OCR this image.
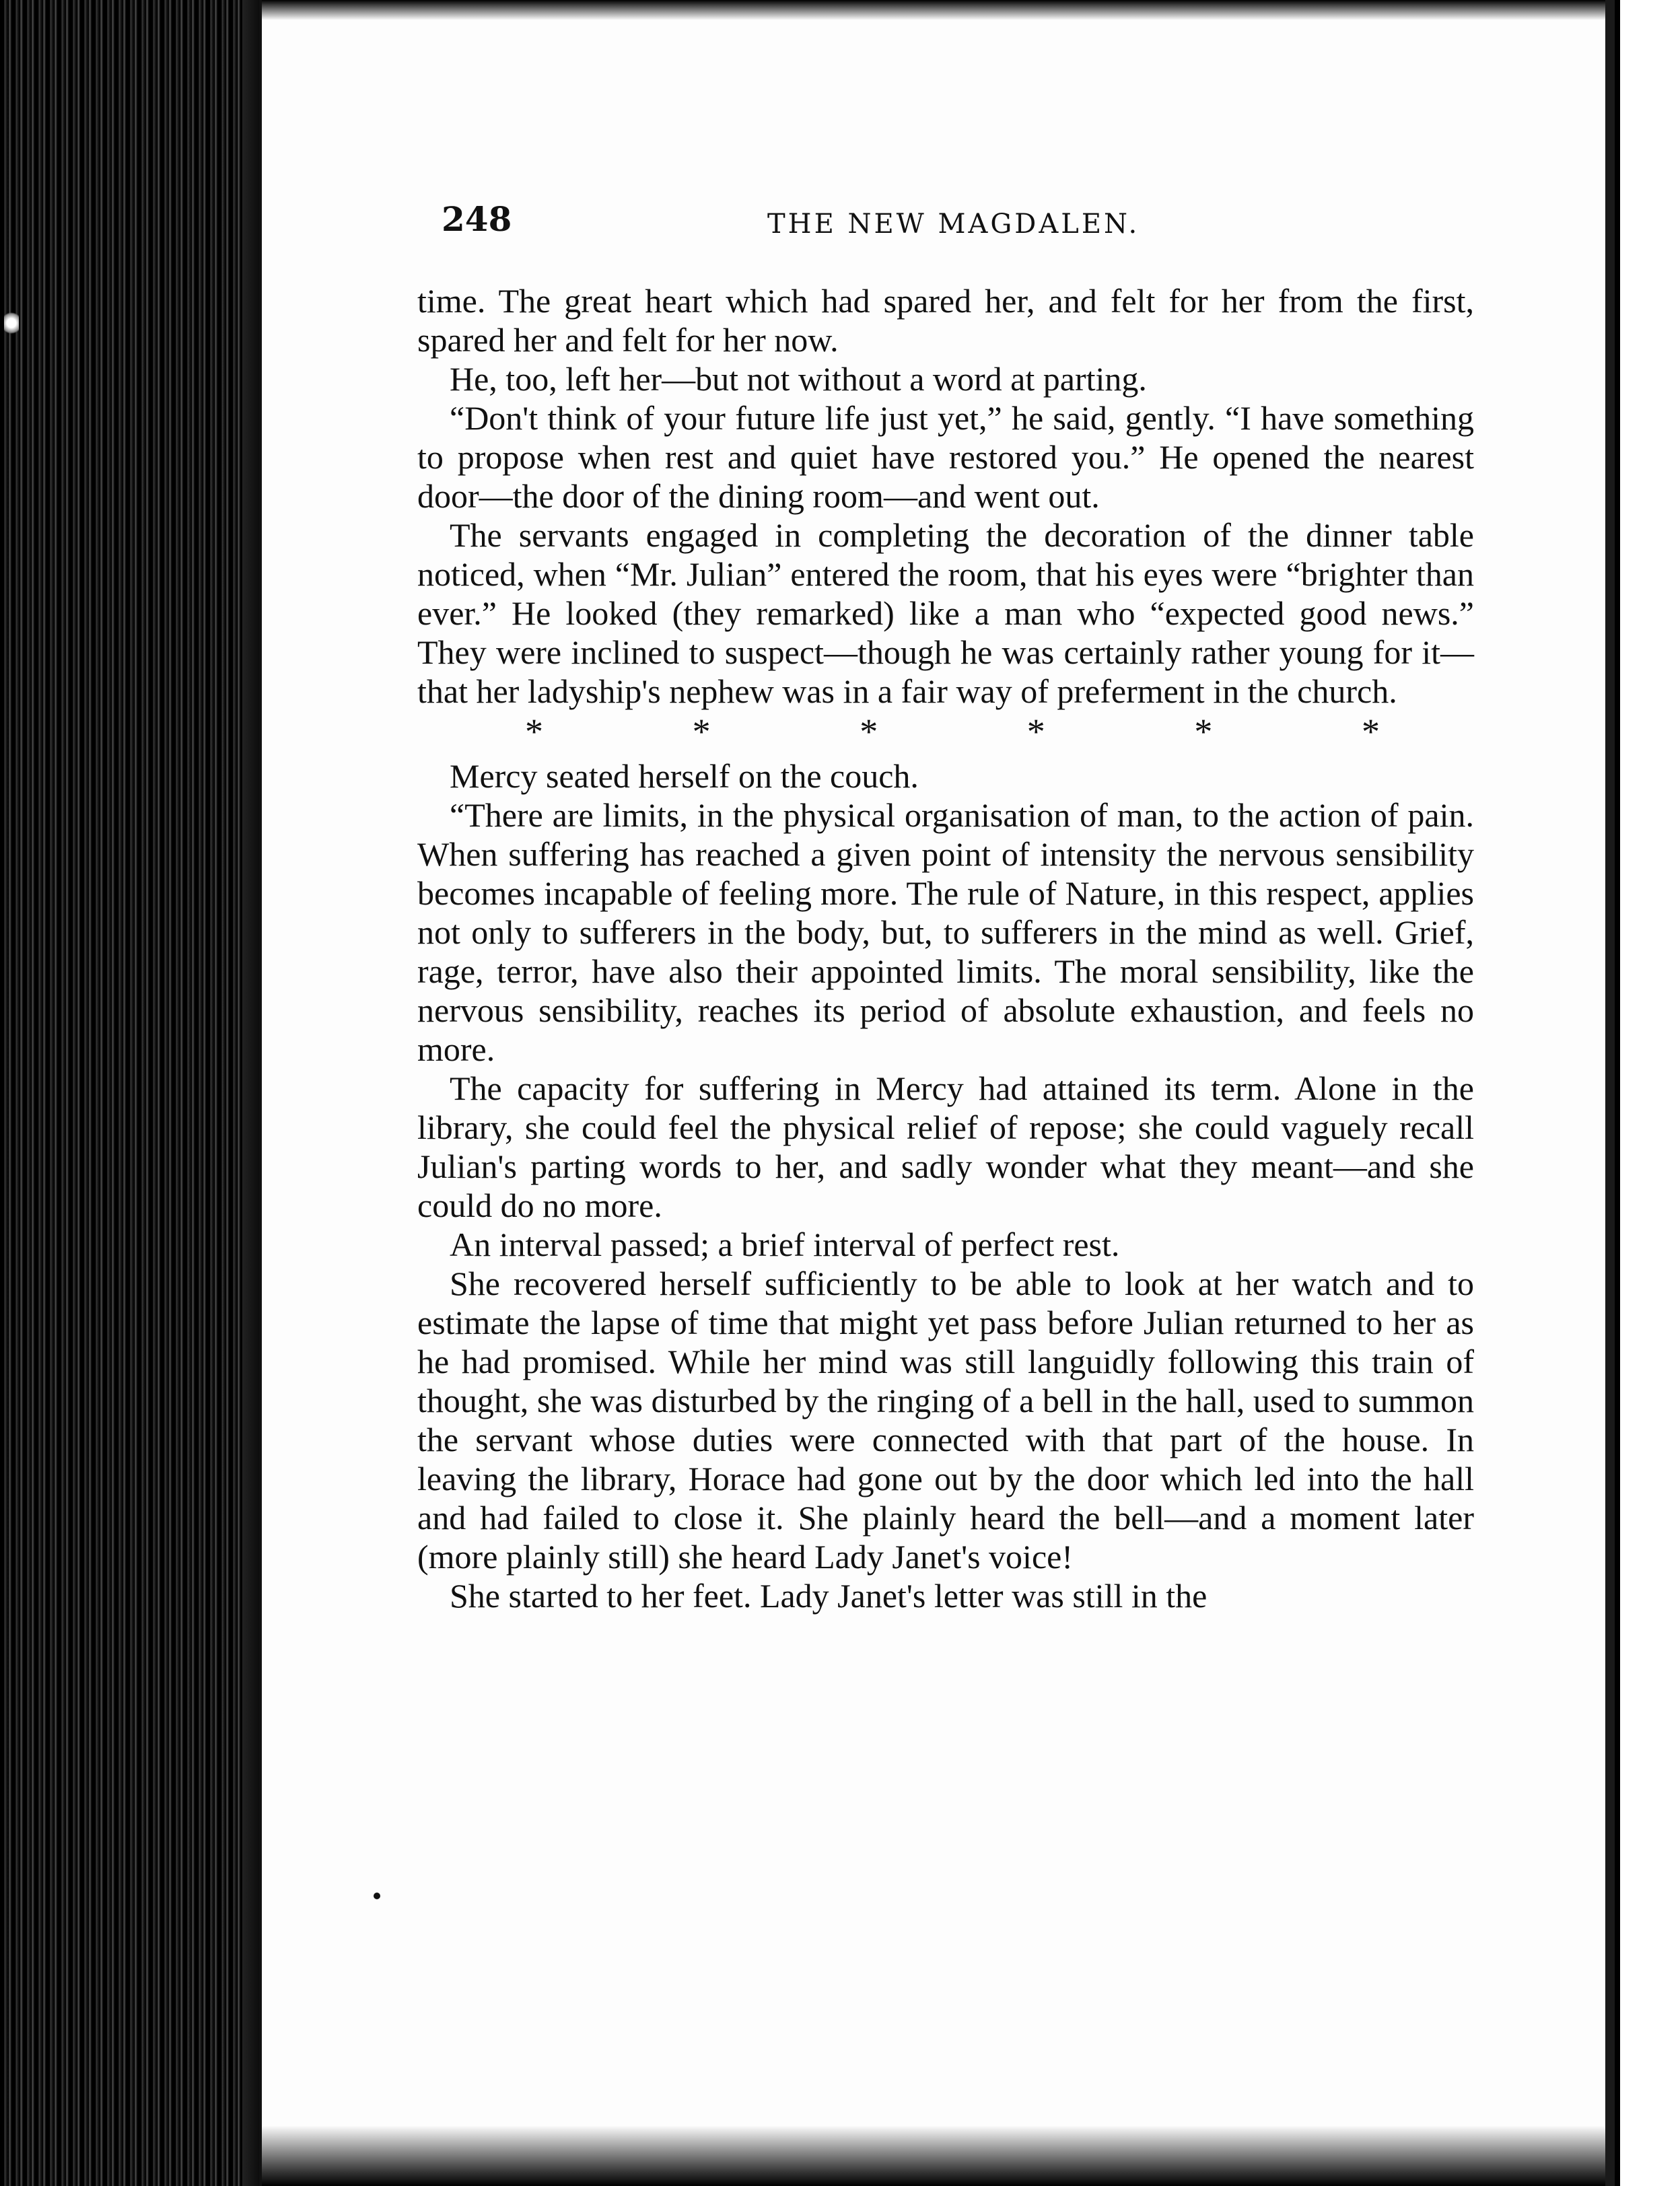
248	THE NEW MAGDALEN.

time. The great heart which had spared her, and felt for her from the first, spared her and felt for her now.

He, too, left her—but not without a word at parting.

“Don't think of your future life just yet,” he said, gently. “I have something to propose when rest and quiet have restored you.” He opened the nearest door—the door of the dining room—and went out.

The servants engaged in completing the decoration of the dinner table noticed, when “Mr. Julian” entered the room, that his eyes were “brighter than ever.” He looked (they remarked) like a man who “expected good news.” They were inclined to suspect—though he was certainly rather young for it—that her ladyship's nephew was in a fair way of preferment in the church.

*	*	*	*	*	*

Mercy seated herself on the couch.

“There are limits, in the physical organisation of man, to the action of pain. When suffering has reached a given point of intensity the nervous sensibility becomes incapable of feeling more. The rule of Nature, in this respect, applies not only to sufferers in the body, but, to sufferers in the mind as well. Grief, rage, terror, have also their appointed limits. The moral sensibility, like the nervous sensibility, reaches its period of absolute exhaustion, and feels no more.

The capacity for suffering in Mercy had attained its term. Alone in the library, she could feel the physical relief of repose; she could vaguely recall Julian's parting words to her, and sadly wonder what they meant—and she could do no more.

An interval passed; a brief interval of perfect rest.

She recovered herself sufficiently to be able to look at her watch and to estimate the lapse of time that might yet pass before Julian returned to her as he had promised. While her mind was still languidly following this train of thought, she was disturbed by the ringing of a bell in the hall, used to summon the servant whose duties were connected with that part of the house. In leaving the library, Horace had gone out by the door which led into the hall and had failed to close it. She plainly heard the bell—and a moment later (more plainly still) she heard Lady Janet's voice!

She started to her feet. Lady Janet's letter was still in the
